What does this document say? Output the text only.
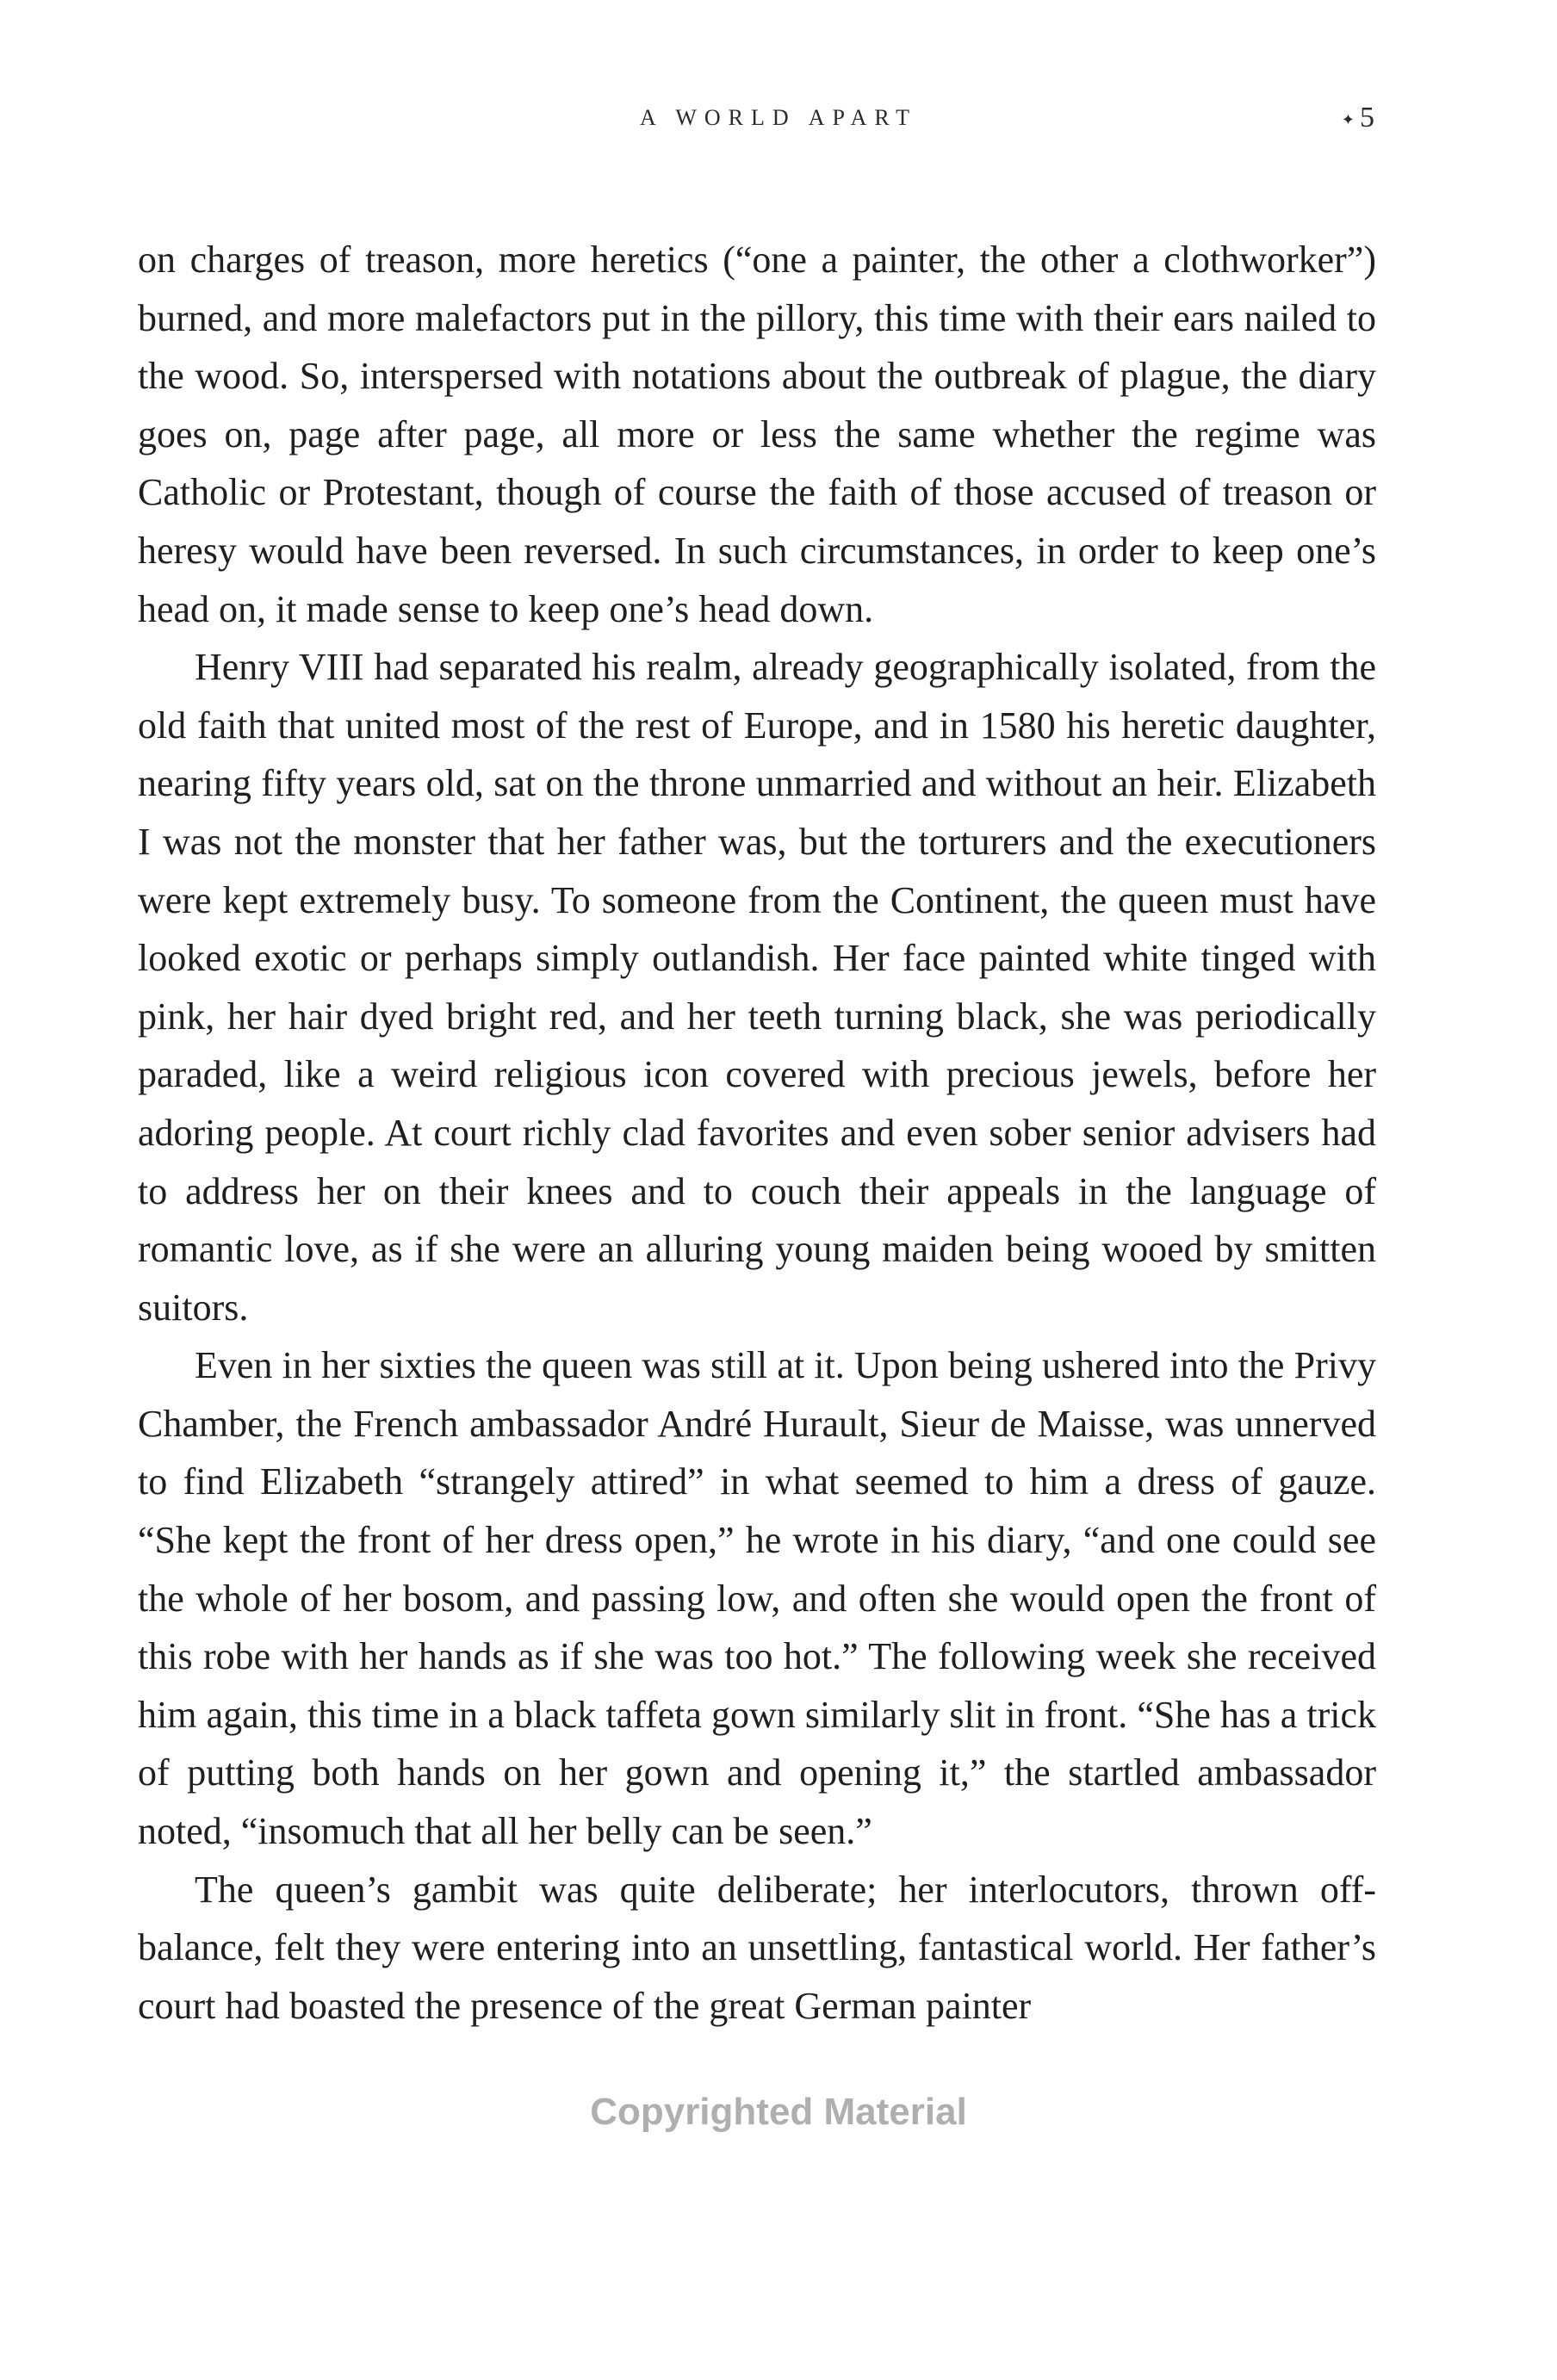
A WORLD APART	✦ 5

on charges of treason, more heretics (“one a painter, the other a clothworker”) burned, and more malefactors put in the pillory, this time with their ears nailed to the wood. So, interspersed with notations about the outbreak of plague, the diary goes on, page after page, all more or less the same whether the regime was Catholic or Protestant, though of course the faith of those accused of treason or heresy would have been reversed. In such circumstances, in order to keep one’s head on, it made sense to keep one’s head down.

Henry VIII had separated his realm, already geographically isolated, from the old faith that united most of the rest of Europe, and in 1580 his heretic daughter, nearing fifty years old, sat on the throne unmarried and without an heir. Elizabeth I was not the monster that her father was, but the torturers and the executioners were kept extremely busy. To someone from the Continent, the queen must have looked exotic or perhaps simply outlandish. Her face painted white tinged with pink, her hair dyed bright red, and her teeth turning black, she was periodically paraded, like a weird religious icon covered with precious jewels, before her adoring people. At court richly clad favorites and even sober senior advisers had to address her on their knees and to couch their appeals in the language of romantic love, as if she were an alluring young maiden being wooed by smitten suitors.

Even in her sixties the queen was still at it. Upon being ushered into the Privy Chamber, the French ambassador André Hurault, Sieur de Maisse, was unnerved to find Elizabeth “strangely attired” in what seemed to him a dress of gauze. “She kept the front of her dress open,” he wrote in his diary, “and one could see the whole of her bosom, and passing low, and often she would open the front of this robe with her hands as if she was too hot.” The following week she received him again, this time in a black taffeta gown similarly slit in front. “She has a trick of putting both hands on her gown and opening it,” the startled ambassador noted, “insomuch that all her belly can be seen.”

The queen’s gambit was quite deliberate; her interlocutors, thrown off-balance, felt they were entering into an unsettling, fantastical world. Her father’s court had boasted the presence of the great German painter

Copyrighted Material
